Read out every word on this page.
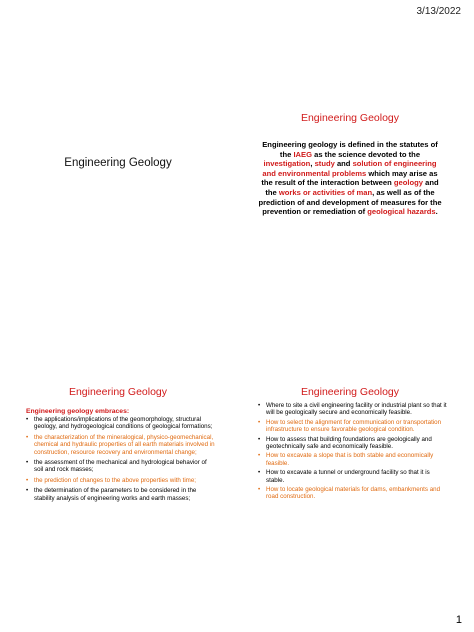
3/13/2022
Engineering Geology
Engineering Geology
Engineering geology is defined in the statutes of the IAEG as the science devoted to the investigation, study and solution of engineering and environmental problems which may arise as the result of the interaction between geology and the works or activities of man, as well as of the prediction of and development of measures for the prevention or remediation of geological hazards.
Engineering Geology
Engineering geology embraces:
• the applications/implications of the geomorphology, structural geology, and hydrogeological conditions of geological formations;
• the characterization of the mineralogical, physico-geomechanical, chemical and hydraulic properties of all earth materials involved in construction, resource recovery and environmental change;
• the assessment of the mechanical and hydrological behavior of soil and rock masses;
• the prediction of changes to the above properties with time;
• the determination of the parameters to be considered in the stability analysis of engineering works and earth masses;
Engineering Geology
• Where to site a civil engineering facility or industrial plant so that it will be geologically secure and economically feasible.
• How to select the alignment for communication or transportation infrastructure to ensure favorable geological condition.
• How to assess that building foundations are geologically and geotechnically safe and economically feasible.
• How to excavate a slope that is both stable and economically feasible.
• How to excavate a tunnel or underground facility so that it is stable.
• How to locate geological materials for dams, embankments and road construction.
1
